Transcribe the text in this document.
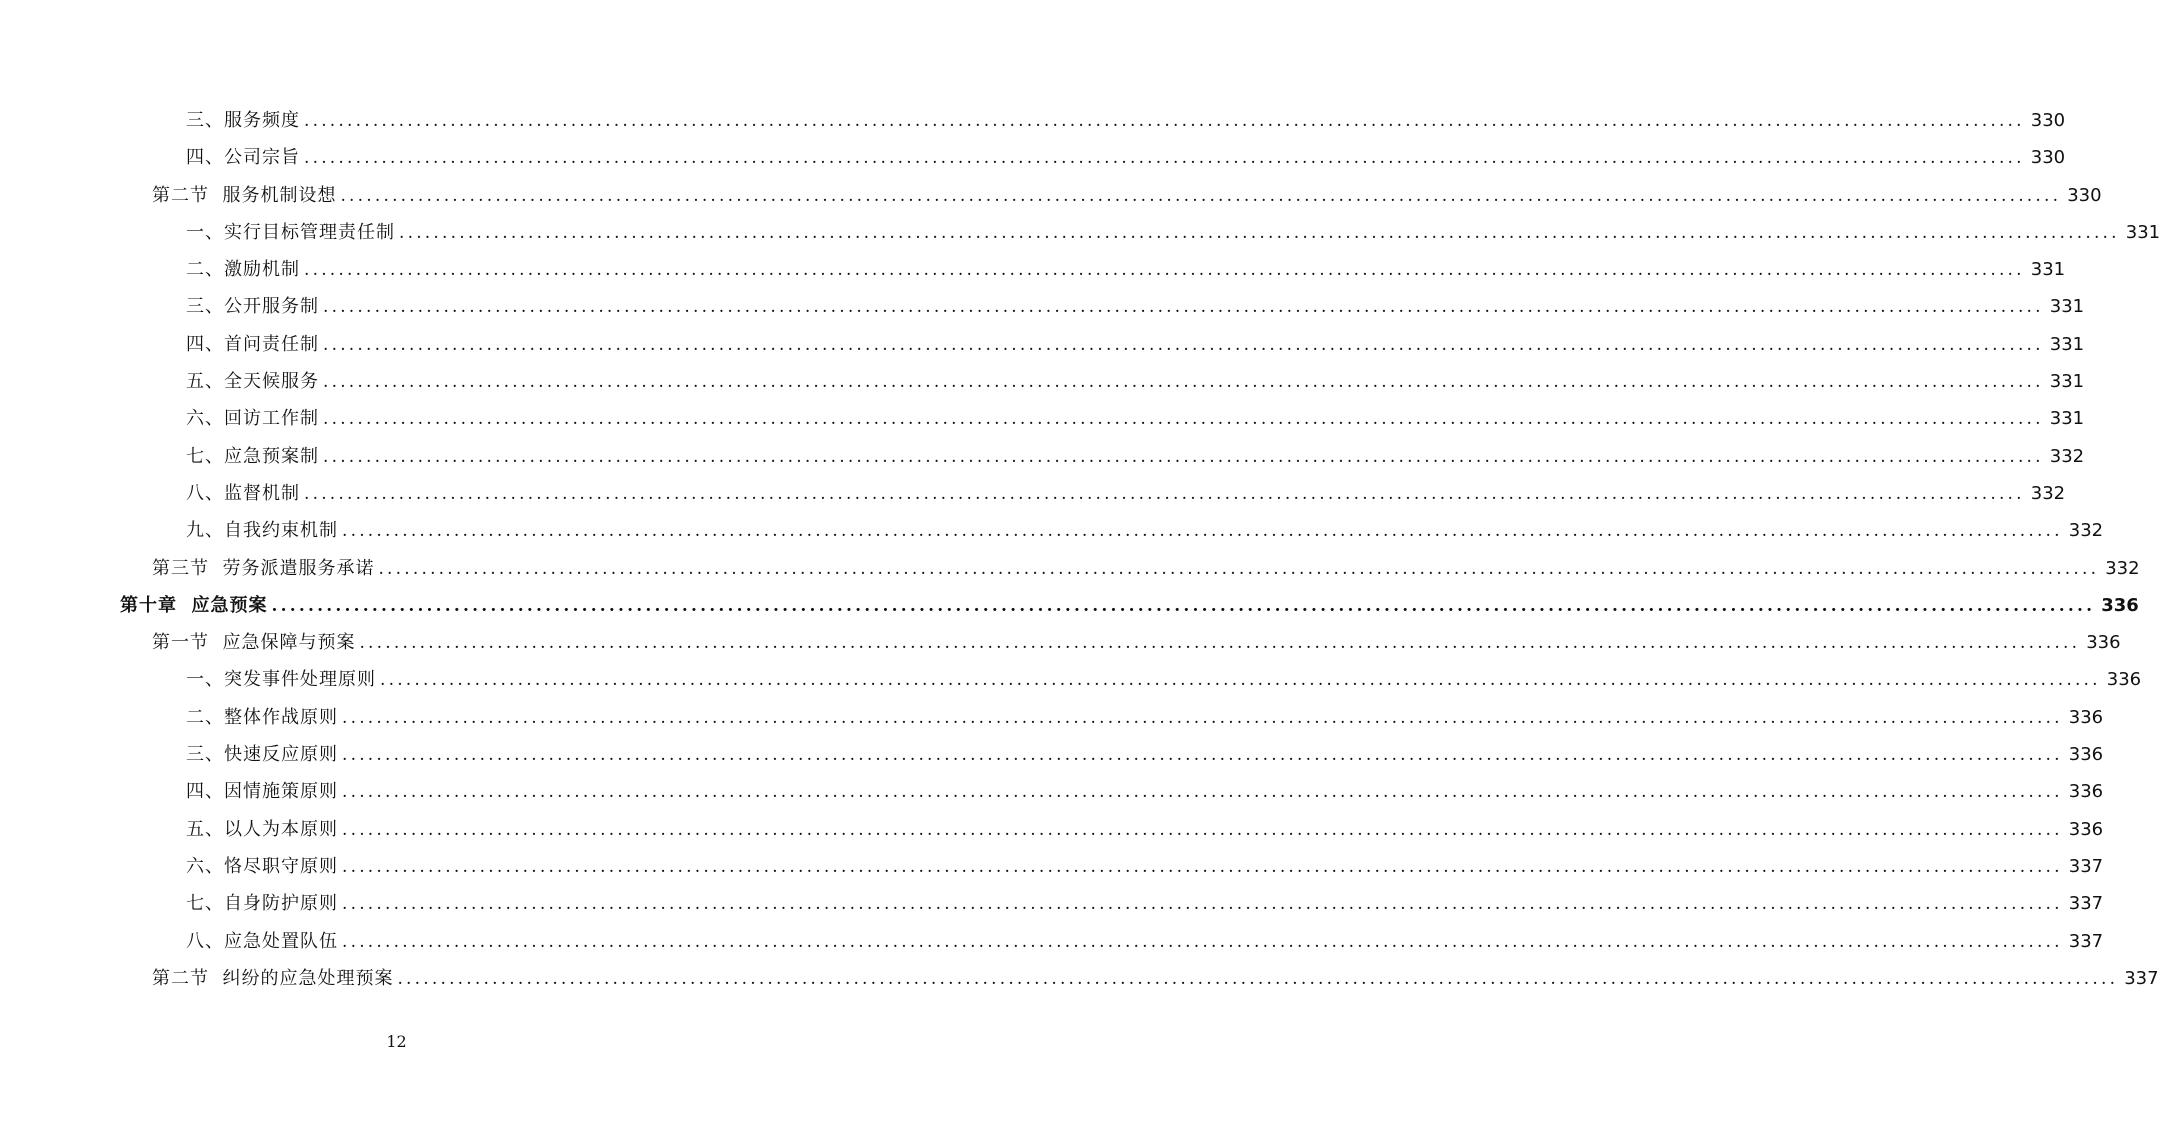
三、服务频度 ........................................................................................................................................................................................................ 330
四、公司宗旨 ........................................................................................................................................................................................................ 330
第二节  服务机制设想 ........................................................................................................................................................................................................ 330
一、实行目标管理责任制 ........................................................................................................................................................................................................ 331
二、激励机制 ........................................................................................................................................................................................................ 331
三、公开服务制 ........................................................................................................................................................................................................ 331
四、首问责任制 ........................................................................................................................................................................................................ 331
五、全天候服务 ........................................................................................................................................................................................................ 331
六、回访工作制 ........................................................................................................................................................................................................ 331
七、应急预案制 ........................................................................................................................................................................................................ 332
八、监督机制 ........................................................................................................................................................................................................ 332
九、自我约束机制 ........................................................................................................................................................................................................ 332
第三节  劳务派遣服务承诺 ........................................................................................................................................................................................................ 332
第十章  应急预案 ........................................................................................................................................................................................................ 336
第一节  应急保障与预案 ........................................................................................................................................................................................................ 336
一、突发事件处理原则 ........................................................................................................................................................................................................ 336
二、整体作战原则 ........................................................................................................................................................................................................ 336
三、快速反应原则 ........................................................................................................................................................................................................ 336
四、因情施策原则 ........................................................................................................................................................................................................ 336
五、以人为本原则 ........................................................................................................................................................................................................ 336
六、恪尽职守原则 ........................................................................................................................................................................................................ 337
七、自身防护原则 ........................................................................................................................................................................................................ 337
八、应急处置队伍 ........................................................................................................................................................................................................ 337
第二节  纠纷的应急处理预案 ........................................................................................................................................................................................................ 337
12
